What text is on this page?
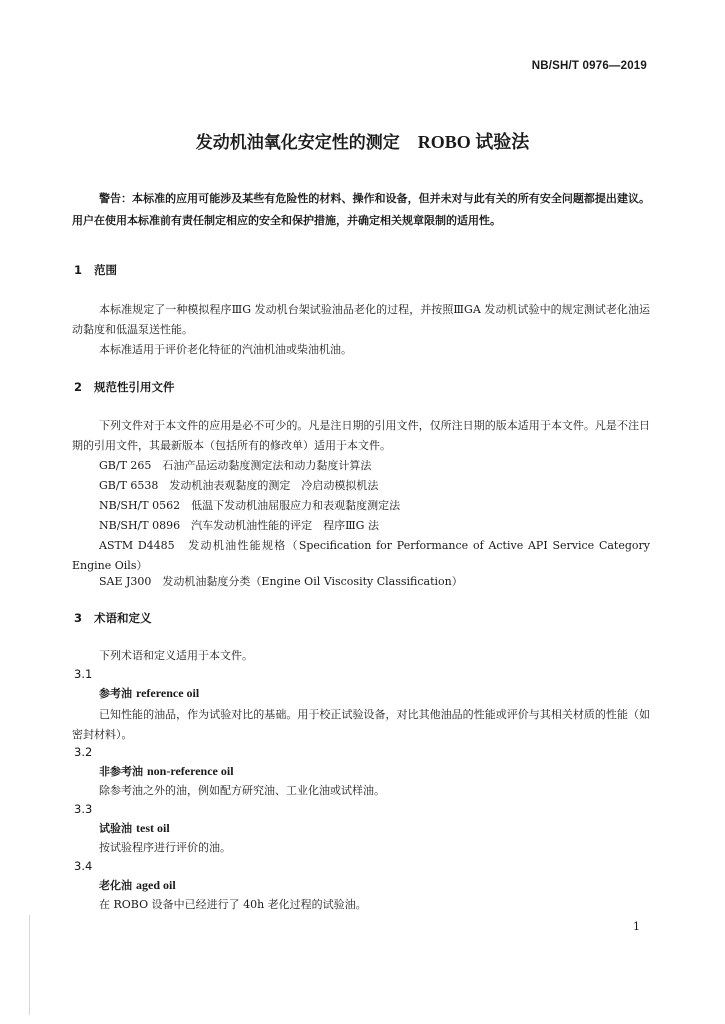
NB/SH/T 0976—2019
发动机油氧化安定性的测定 ROBO 试验法
警告：本标准的应用可能涉及某些有危险性的材料、操作和设备，但并未对与此有关的所有安全问题都提出建议。用户在使用本标准前有责任制定相应的安全和保护措施，并确定相关规章限制的适用性。
1 范围
本标准规定了一种模拟程序ⅢG 发动机台架试验油品老化的过程，并按照ⅢGA 发动机试验中的规定测试老化油运动黏度和低温泵送性能。
本标准适用于评价老化特征的汽油机油或柴油机油。
2 规范性引用文件
下列文件对于本文件的应用是必不可少的。凡是注日期的引用文件，仅所注日期的版本适用于本文件。凡是不注日期的引用文件，其最新版本（包括所有的修改单）适用于本文件。
GB/T 265　石油产品运动黏度测定法和动力黏度计算法
GB/T 6538　发动机油表观黏度的测定　冷启动模拟机法
NB/SH/T 0562　低温下发动机油屈服应力和表观黏度测定法
NB/SH/T 0896　汽车发动机油性能的评定　程序ⅢG 法
ASTM D4485　发动机油性能规格（Specification for Performance of Active API Service Category Engine Oils）
SAE J300　发动机油黏度分类（Engine Oil Viscosity Classification）
3 术语和定义
下列术语和定义适用于本文件。
3.1
参考油 reference oil
已知性能的油品，作为试验对比的基础。用于校正试验设备，对比其他油品的性能或评价与其相关材质的性能（如密封材料）。
3.2
非参考油 non-reference oil
除参考油之外的油，例如配方研究油、工业化油或试样油。
3.3
试验油 test oil
按试验程序进行评价的油。
3.4
老化油 aged oil
在 ROBO 设备中已经进行了 40h 老化过程的试验油。
1
